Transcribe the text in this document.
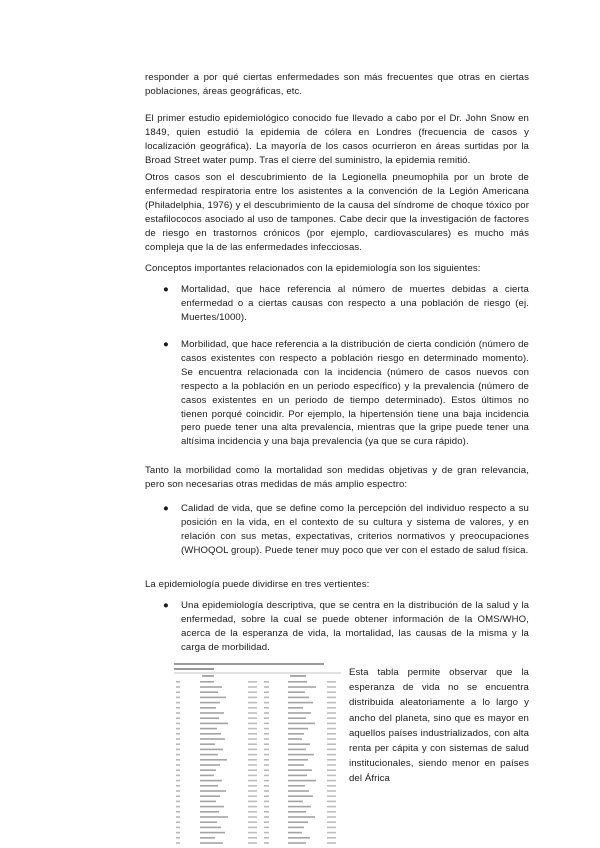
responder a por qué ciertas enfermedades son más frecuentes que otras en ciertas poblaciones, áreas geográficas, etc.

El primer estudio epidemiológico conocido fue llevado a cabo por el Dr. John Snow en 1849, quien estudió la epidemia de cólera en Londres (frecuencia de casos y localización geográfica). La mayoría de los casos ocurrieron en áreas surtidas por la Broad Street water pump. Tras el cierre del suministro, la epidemia remitió.

Otros casos son el descubrimiento de la Legionella pneumophila por un brote de enfermedad respiratoria entre los asistentes a la convención de la Legión Americana (Philadelphia, 1976) y el descubrimiento de la causa del síndrome de choque tóxico por estafilococos asociado al uso de tampones. Cabe decir que la investigación de factores de riesgo en trastornos crónicos (por ejemplo, cardiovasculares) es mucho más compleja que la de las enfermedades infecciosas.

Conceptos importantes relacionados con la epidemiología son los siguientes:

● Mortalidad, que hace referencia al número de muertes debidas a cierta enfermedad o a ciertas causas con respecto a una población de riesgo (ej. Muertes/1000).

● Morbilidad, que hace referencia a la distribución de cierta condición (número de casos existentes con respecto a población riesgo en determinado momento). Se encuentra relacionada con la incidencia (número de casos nuevos con respecto a la población en un periodo específico) y la prevalencia (número de casos existentes en un periodo de tiempo determinado). Estos últimos no tienen porqué coincidir. Por ejemplo, la hipertensión tiene una baja incidencia pero puede tener una alta prevalencia, mientras que la gripe puede tener una altísima incidencia y una baja prevalencia (ya que se cura rápido).

Tanto la morbilidad como la mortalidad son medidas objetivas y de gran relevancia, pero son necesarias otras medidas de más amplio espectro:

● Calidad de vida, que se define como la percepción del individuo respecto a su posición en la vida, en el contexto de su cultura y sistema de valores, y en relación con sus metas, expectativas, criterios normativos y preocupaciones (WHOQOL group). Puede tener muy poco que ver con el estado de salud física.

La epidemiología puede dividirse en tres vertientes:

● Una epidemiología descriptiva, que se centra en la distribución de la salud y la enfermedad, sobre la cual se puede obtener información de la OMS/WHO, acerca de la esperanza de vida, la mortalidad, las causas de la misma y la carga de morbilidad.

Esta tabla permite observar que la esperanza de vida no se encuentra distribuida aleatoriamente a lo largo y ancho del planeta, sino que es mayor en aquellos países industrializados, con alta renta per cápita y con sistemas de salud institucionales, siendo menor en países del África
